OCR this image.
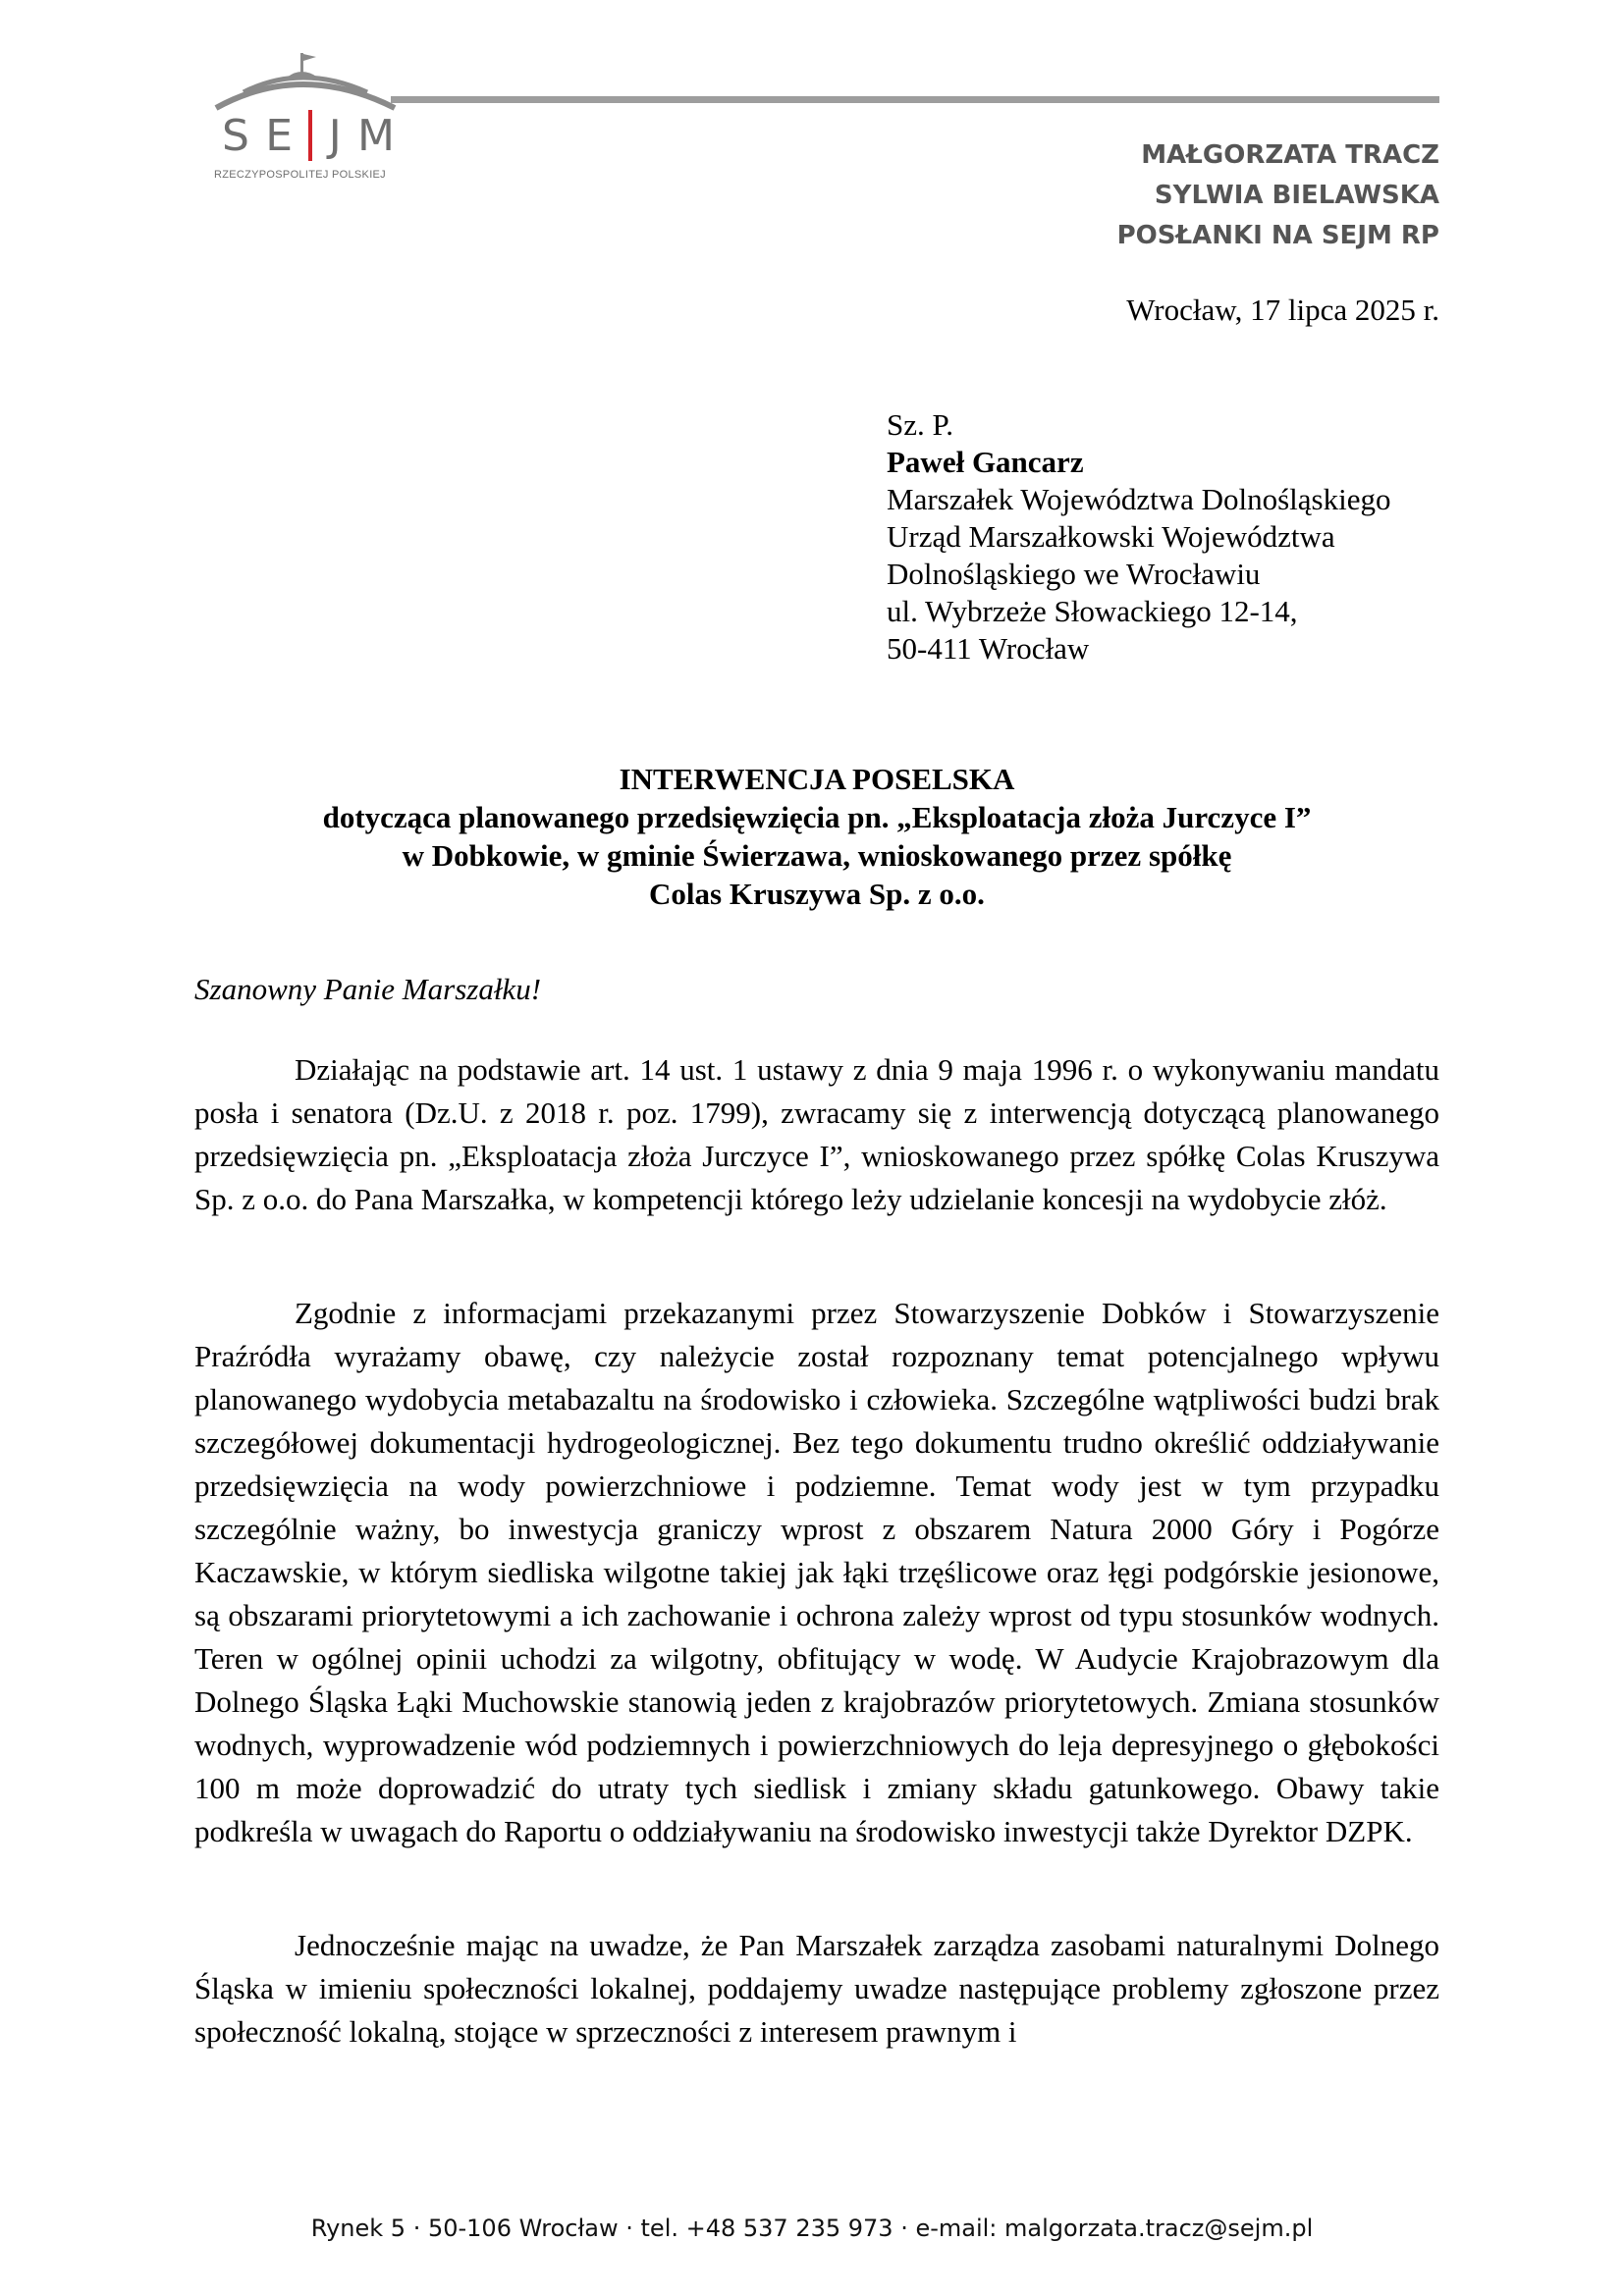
S E J M
RZECZYPOSPOLITEJ POLSKIEJ
MAŁGORZATA TRACZ
SYLWIA BIELAWSKA
POSŁANKI NA SEJM RP
Wrocław, 17 lipca 2025 r.
Sz. P.
Paweł Gancarz
Marszałek Województwa Dolnośląskiego
Urząd Marszałkowski Województwa
Dolnośląskiego we Wrocławiu
ul. Wybrzeże Słowackiego 12-14,
50-411 Wrocław
INTERWENCJA POSELSKA
dotycząca planowanego przedsięwzięcia pn. „Eksploatacja złoża Jurczyce I”
w Dobkowie, w gminie Świerzawa, wnioskowanego przez spółkę
Colas Kruszywa Sp. z o.o.
Szanowny Panie Marszałku!

Działając na podstawie art. 14 ust. 1 ustawy z dnia 9 maja 1996 r. o wykonywaniu mandatu posła i senatora (Dz.U. z 2018 r. poz. 1799), zwracamy się z interwencją dotyczącą planowanego przedsięwzięcia pn. „Eksploatacja złoża Jurczyce I”, wnioskowanego przez spółkę Colas Kruszywa Sp. z o.o. do Pana Marszałka, w kompetencji którego leży udzielanie koncesji na wydobycie złóż.

Zgodnie z informacjami przekazanymi przez Stowarzyszenie Dobków i Stowarzyszenie Praźródła wyrażamy obawę, czy należycie został rozpoznany temat potencjalnego wpływu planowanego wydobycia metabazaltu na środowisko i człowieka. Szczególne wątpliwości budzi brak szczegółowej dokumentacji hydrogeologicznej. Bez tego dokumentu trudno określić oddziaływanie przedsięwzięcia na wody powierzchniowe i podziemne. Temat wody jest w tym przypadku szczególnie ważny, bo inwestycja graniczy wprost z obszarem Natura 2000 Góry i Pogórze Kaczawskie, w którym siedliska wilgotne takiej jak łąki trzęślicowe oraz łęgi podgórskie jesionowe, są obszarami priorytetowymi a ich zachowanie i ochrona zależy wprost od typu stosunków wodnych. Teren w ogólnej opinii uchodzi za wilgotny, obfitujący w wodę. W Audycie Krajobrazowym dla Dolnego Śląska Łąki Muchowskie stanowią jeden z krajobrazów priorytetowych. Zmiana stosunków wodnych, wyprowadzenie wód podziemnych i powierzchniowych do leja depresyjnego o głębokości 100 m może doprowadzić do utraty tych siedlisk i zmiany składu gatunkowego. Obawy takie podkreśla w uwagach do Raportu o oddziaływaniu na środowisko inwestycji także Dyrektor DZPK.

Jednocześnie mając na uwadze, że Pan Marszałek zarządza zasobami naturalnymi Dolnego Śląska w imieniu społeczności lokalnej, poddajemy uwadze następujące problemy zgłoszone przez społeczność lokalną, stojące w sprzeczności z interesem prawnym i

Rynek 5 · 50-106 Wrocław · tel. +48 537 235 973 · e-mail: malgorzata.tracz@sejm.pl
